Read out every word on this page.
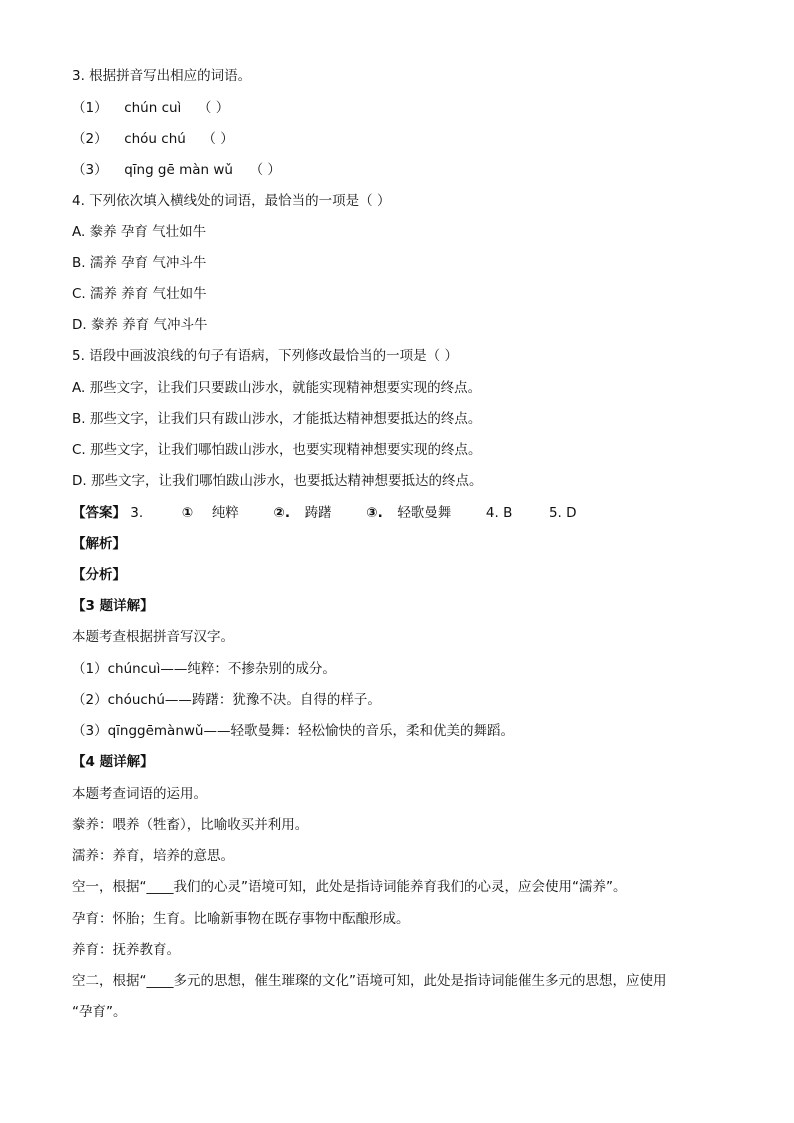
3. 根据拼音写出相应的词语。
（1） chún cuì （ ）
（2） chóu chú （ ）
（3） qīng gē màn wǔ （ ）
4. 下列依次填入横线处的词语，最恰当的一项是（ ）
A. 豢养 孕育 气壮如牛
B. 濡养 孕育 气冲斗牛
C. 濡养 养育 气壮如牛
D. 豢养 养育 气冲斗牛
5. 语段中画波浪线的句子有语病，下列修改最恰当的一项是（ ）
A. 那些文字，让我们只要跋山涉水，就能实现精神想要实现的终点。
B. 那些文字，让我们只有跋山涉水，才能抵达精神想要抵达的终点。
C. 那些文字，让我们哪怕跋山涉水，也要实现精神想要实现的终点。
D. 那些文字，让我们哪怕跋山涉水，也要抵达精神想要抵达的终点。
【答案】 3.	① 纯粹	②. 踌躇	③. 轻歌曼舞	4. B	5. D
【解析】
【分析】
【3 题详解】
本题考查根据拼音写汉字。
（1）chúncuì——纯粹：不掺杂别的成分。
（2）chóuchú——踌躇：犹豫不决。自得的样子。
（3）qīnggēmànwǔ——轻歌曼舞：轻松愉快的音乐，柔和优美的舞蹈。
【4 题详解】
本题考查词语的运用。
豢养：喂养（牲畜），比喻收买并利用。
濡养：养育，培养的意思。
空一，根据“____我们的心灵”语境可知，此处是指诗词能养育我们的心灵，应会使用“濡养”。
孕育：怀胎；生育。比喻新事物在既存事物中酝酿形成。
养育：抚养教育。
空二，根据“____多元的思想，催生璀璨的文化”语境可知，此处是指诗词能催生多元的思想，应使用
“孕育”。
